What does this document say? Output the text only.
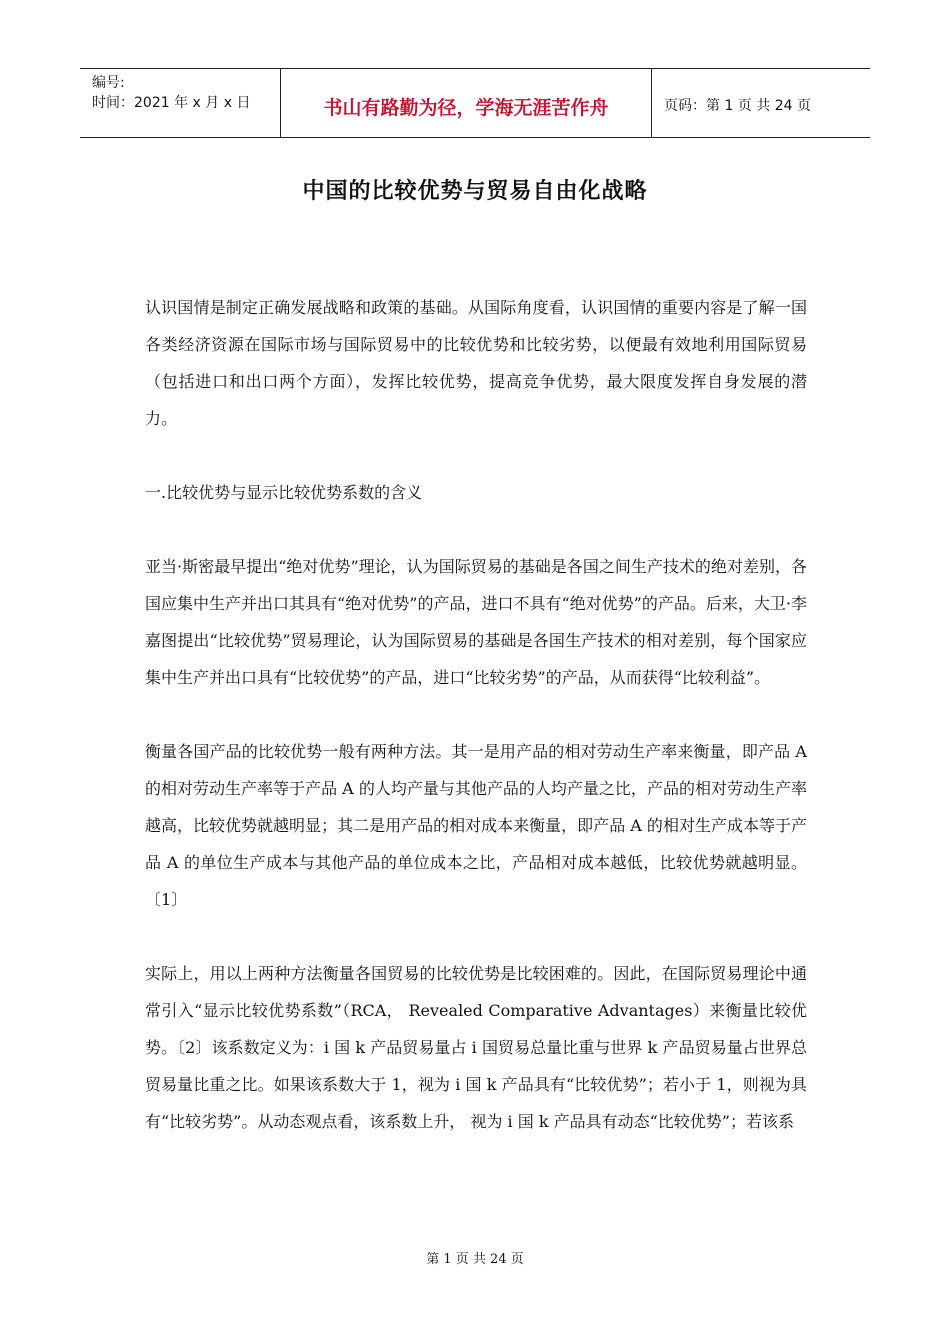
编号:
时间：2021 年 x 月 x 日	书山有路勤为径，学海无涯苦作舟	页码：第 1 页 共 24 页
中国的比较优势与贸易自由化战略

认识国情是制定正确发展战略和政策的基础。从国际角度看，认识国情的重要内容是了解一国各类经济资源在国际市场与国际贸易中的比较优势和比较劣势，以便最有效地利用国际贸易（包括进口和出口两个方面），发挥比较优势，提高竞争优势，最大限度发挥自身发展的潜力。

一.比较优势与显示比较优势系数的含义

亚当·斯密最早提出“绝对优势”理论，认为国际贸易的基础是各国之间生产技术的绝对差别，各国应集中生产并出口其具有“绝对优势”的产品，进口不具有“绝对优势”的产品。后来，大卫·李嘉图提出“比较优势”贸易理论，认为国际贸易的基础是各国生产技术的相对差别，每个国家应集中生产并出口具有“比较优势”的产品，进口“比较劣势”的产品，从而获得“比较利益”。

衡量各国产品的比较优势一般有两种方法。其一是用产品的相对劳动生产率来衡量，即产品 A 的相对劳动生产率等于产品 A 的人均产量与其他产品的人均产量之比，产品的相对劳动生产率越高，比较优势就越明显；其二是用产品的相对成本来衡量，即产品 A 的相对生产成本等于产品 A 的单位生产成本与其他产品的单位成本之比，产品相对成本越低，比较优势就越明显。〔1〕

实际上，用以上两种方法衡量各国贸易的比较优势是比较困难的。因此，在国际贸易理论中通常引入“显示比较优势系数”（RCA， Revealed Comparative Advantages）来衡量比较优势。〔2〕该系数定义为：i 国 k 产品贸易量占 i 国贸易总量比重与世界 k 产品贸易量占世界总贸易量比重之比。如果该系数大于 1，视为 i 国 k 产品具有“比较优势”；若小于 1，则视为具有“比较劣势”。从动态观点看，该系数上升， 视为 i 国 k 产品具有动态“比较优势”；若该系

第 1 页 共 24 页
